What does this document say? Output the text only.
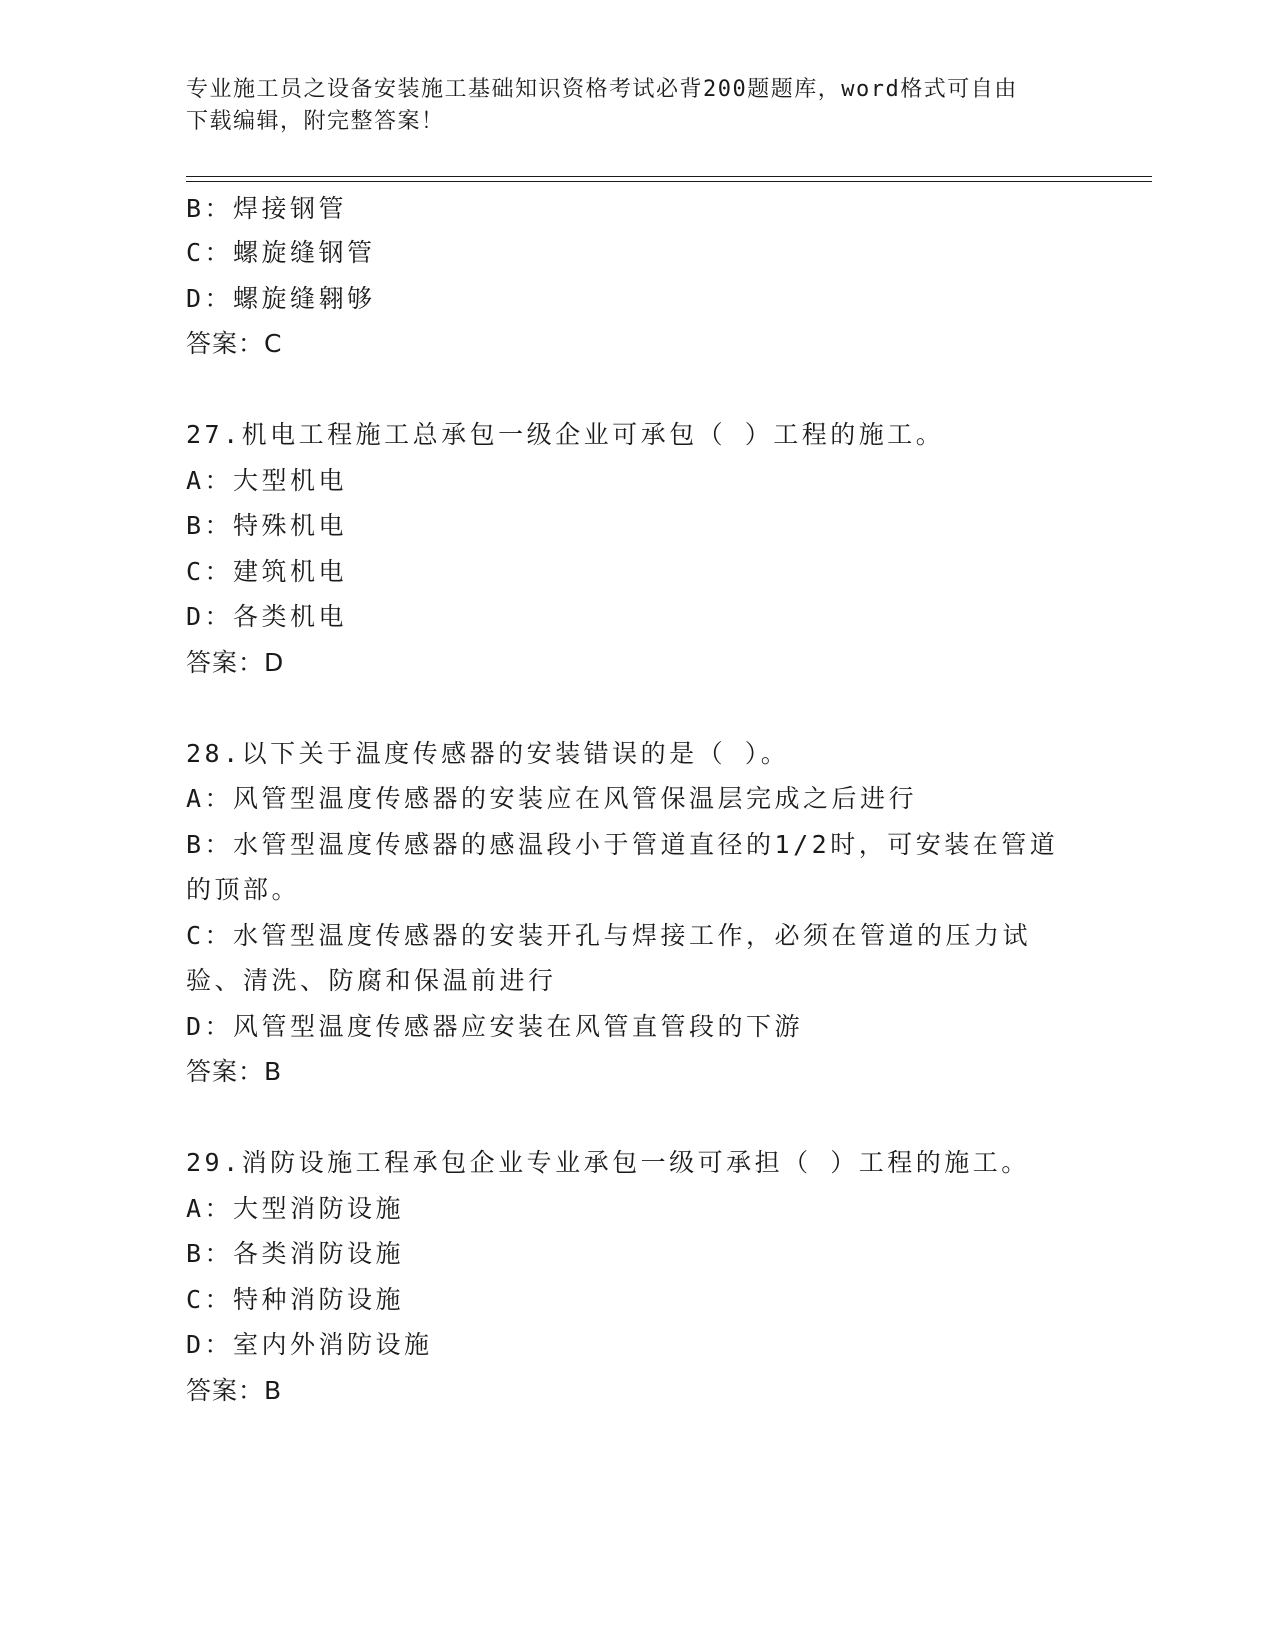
专业施工员之设备安装施工基础知识资格考试必背200题题库，word格式可自由
下载编辑，附完整答案！
B：焊接钢管
C：螺旋缝钢管
D：螺旋缝翱够
答案：C
27.机电工程施工总承包一级企业可承包（ ）工程的施工。
A：大型机电
B：特殊机电
C：建筑机电
D：各类机电
答案：D
28.以下关于温度传感器的安装错误的是（ ）。
A：风管型温度传感器的安装应在风管保温层完成之后进行
B：水管型温度传感器的感温段小于管道直径的1/2时，可安装在管道的顶部。
C：水管型温度传感器的安装开孔与焊接工作，必须在管道的压力试验、清洗、防腐和保温前进行
D：风管型温度传感器应安装在风管直管段的下游
答案：B
29.消防设施工程承包企业专业承包一级可承担（ ）工程的施工。
A：大型消防设施
B：各类消防设施
C：特种消防设施
D：室内外消防设施
答案：B
